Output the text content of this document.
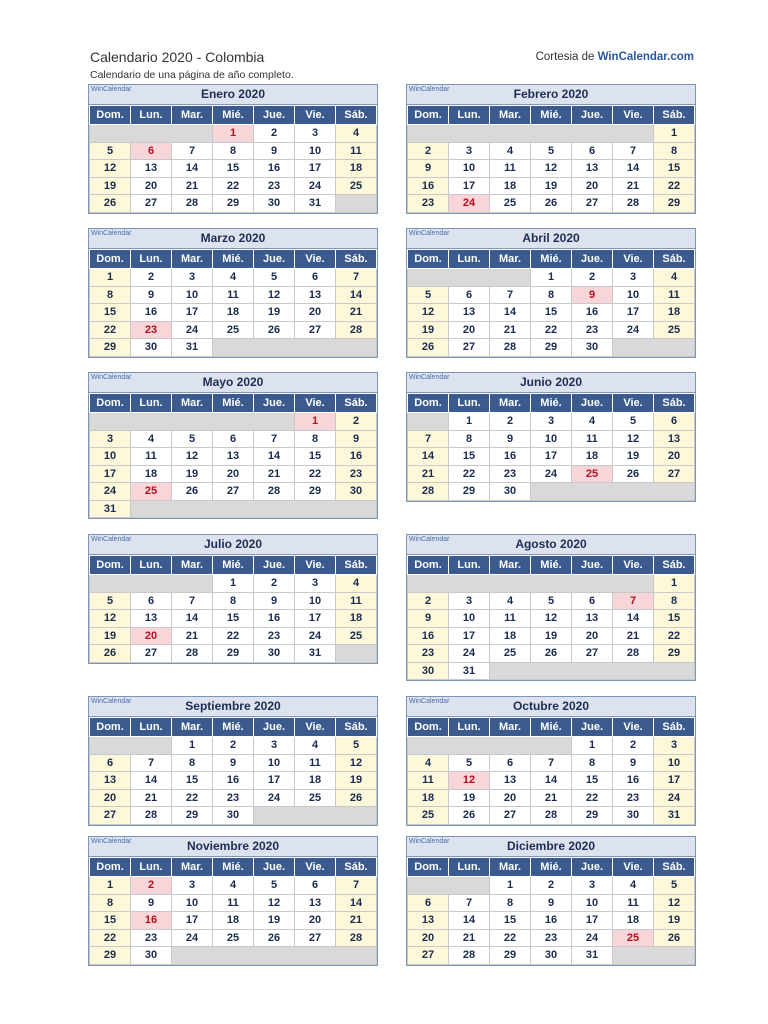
Calendario 2020 - Colombia
Calendario de una página de año completo.
Cortesia de WinCalendar.com
WinCalendar	Enero 2020
Dom.	Lun.	Mar.	Mié.	Jue.	Vie.	Sáb.
			1	2	3	4
5	6	7	8	9	10	11
12	13	14	15	16	17	18
19	20	21	22	23	24	25
26	27	28	29	30	31	
WinCalendar	Febrero 2020
Dom.	Lun.	Mar.	Mié.	Jue.	Vie.	Sáb.
						1
2	3	4	5	6	7	8
9	10	11	12	13	14	15
16	17	18	19	20	21	22
23	24	25	26	27	28	29
WinCalendar	Marzo 2020
Dom.	Lun.	Mar.	Mié.	Jue.	Vie.	Sáb.
1	2	3	4	5	6	7
8	9	10	11	12	13	14
15	16	17	18	19	20	21
22	23	24	25	26	27	28
29	30	31				
WinCalendar	Abril 2020
Dom.	Lun.	Mar.	Mié.	Jue.	Vie.	Sáb.
			1	2	3	4
5	6	7	8	9	10	11
12	13	14	15	16	17	18
19	20	21	22	23	24	25
26	27	28	29	30		
WinCalendar	Mayo 2020
Dom.	Lun.	Mar.	Mié.	Jue.	Vie.	Sáb.
					1	2
3	4	5	6	7	8	9
10	11	12	13	14	15	16
17	18	19	20	21	22	23
24	25	26	27	28	29	30
31						
WinCalendar	Junio 2020
Dom.	Lun.	Mar.	Mié.	Jue.	Vie.	Sáb.
	1	2	3	4	5	6
7	8	9	10	11	12	13
14	15	16	17	18	19	20
21	22	23	24	25	26	27
28	29	30				
WinCalendar	Julio 2020
Dom.	Lun.	Mar.	Mié.	Jue.	Vie.	Sáb.
			1	2	3	4
5	6	7	8	9	10	11
12	13	14	15	16	17	18
19	20	21	22	23	24	25
26	27	28	29	30	31	
WinCalendar	Agosto 2020
Dom.	Lun.	Mar.	Mié.	Jue.	Vie.	Sáb.
						1
2	3	4	5	6	7	8
9	10	11	12	13	14	15
16	17	18	19	20	21	22
23	24	25	26	27	28	29
30	31					
WinCalendar	Septiembre 2020
Dom.	Lun.	Mar.	Mié.	Jue.	Vie.	Sáb.
		1	2	3	4	5
6	7	8	9	10	11	12
13	14	15	16	17	18	19
20	21	22	23	24	25	26
27	28	29	30			
WinCalendar	Octubre 2020
Dom.	Lun.	Mar.	Mié.	Jue.	Vie.	Sáb.
				1	2	3
4	5	6	7	8	9	10
11	12	13	14	15	16	17
18	19	20	21	22	23	24
25	26	27	28	29	30	31
WinCalendar	Noviembre 2020
Dom.	Lun.	Mar.	Mié.	Jue.	Vie.	Sáb.
1	2	3	4	5	6	7
8	9	10	11	12	13	14
15	16	17	18	19	20	21
22	23	24	25	26	27	28
29	30					
WinCalendar	Diciembre 2020
Dom.	Lun.	Mar.	Mié.	Jue.	Vie.	Sáb.
		1	2	3	4	5
6	7	8	9	10	11	12
13	14	15	16	17	18	19
20	21	22	23	24	25	26
27	28	29	30	31		
